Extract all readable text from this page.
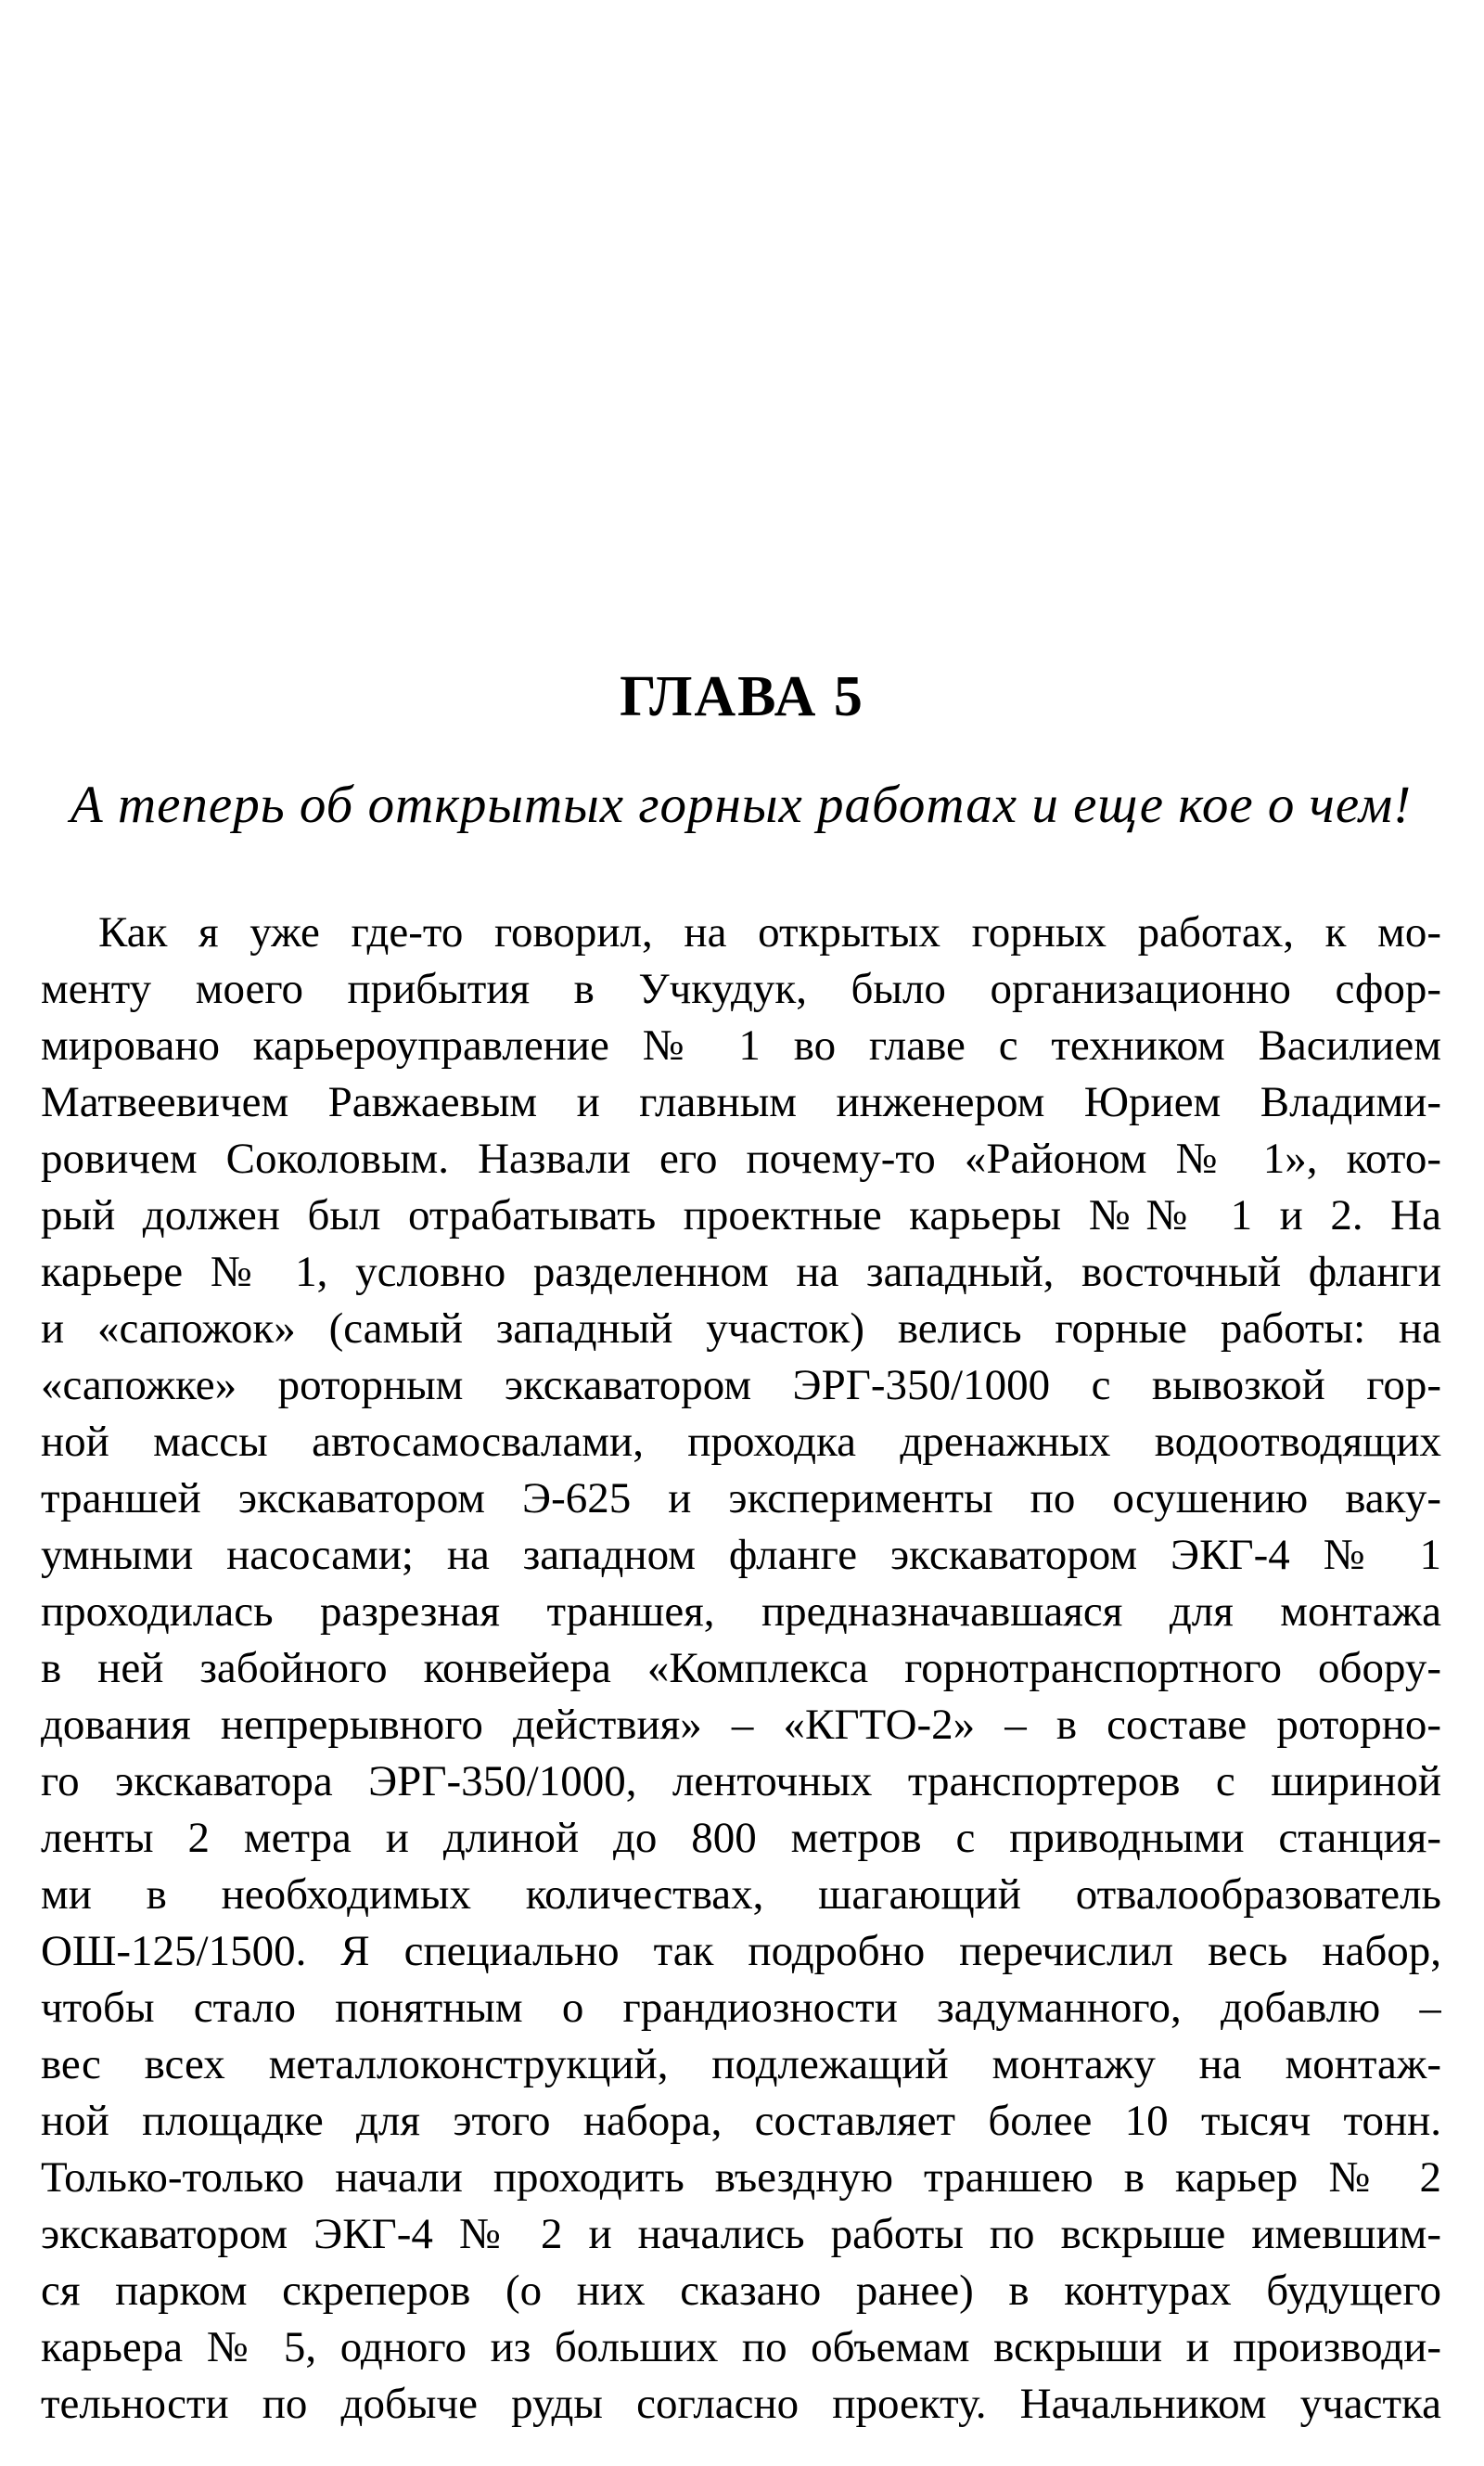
ГЛАВА 5
А теперь об открытых горных работах и еще кое о чем!
Как я уже где-то говорил, на открытых горных работах, к мо-
менту моего прибытия в Учкудук, было организационно сфор-
мировано карьероуправление № 1 во главе с техником Василием
Матвеевичем Равжаевым и главным инженером Юрием Владими-
ровичем Соколовым. Назвали его почему-то «Районом № 1», кото-
рый должен был отрабатывать проектные карьеры №№ 1 и 2. На
карьере № 1, условно разделенном на западный, восточный фланги
и «сапожок» (самый западный участок) велись горные работы: на
«сапожке» роторным экскаватором ЭРГ-350/1000 с вывозкой гор-
ной массы автосамосвалами, проходка дренажных водоотводящих
траншей экскаватором Э-625 и эксперименты по осушению ваку-
умными насосами; на западном фланге экскаватором ЭКГ-4 № 1
проходилась разрезная траншея, предназначавшаяся для монтажа
в ней забойного конвейера «Комплекса горнотранспортного обору-
дования непрерывного действия» – «КГТО-2» – в составе роторно-
го экскаватора ЭРГ-350/1000, ленточных транспортеров с шириной
ленты 2 метра и длиной до 800 метров с приводными станция-
ми в необходимых количествах, шагающий отвалообразователь
ОШ-125/1500. Я специально так подробно перечислил весь набор,
чтобы стало понятным о грандиозности задуманного, добавлю –
вес всех металлоконструкций, подлежащий монтажу на монтаж-
ной площадке для этого набора, составляет более 10 тысяч тонн.
Только-только начали проходить въездную траншею в карьер № 2
экскаватором ЭКГ-4 № 2 и начались работы по вскрыше имевшим-
ся парком скреперов (о них сказано ранее) в контурах будущего
карьера № 5, одного из больших по объемам вскрыши и производи-
тельности по добыче руды согласно проекту. Начальником участка
